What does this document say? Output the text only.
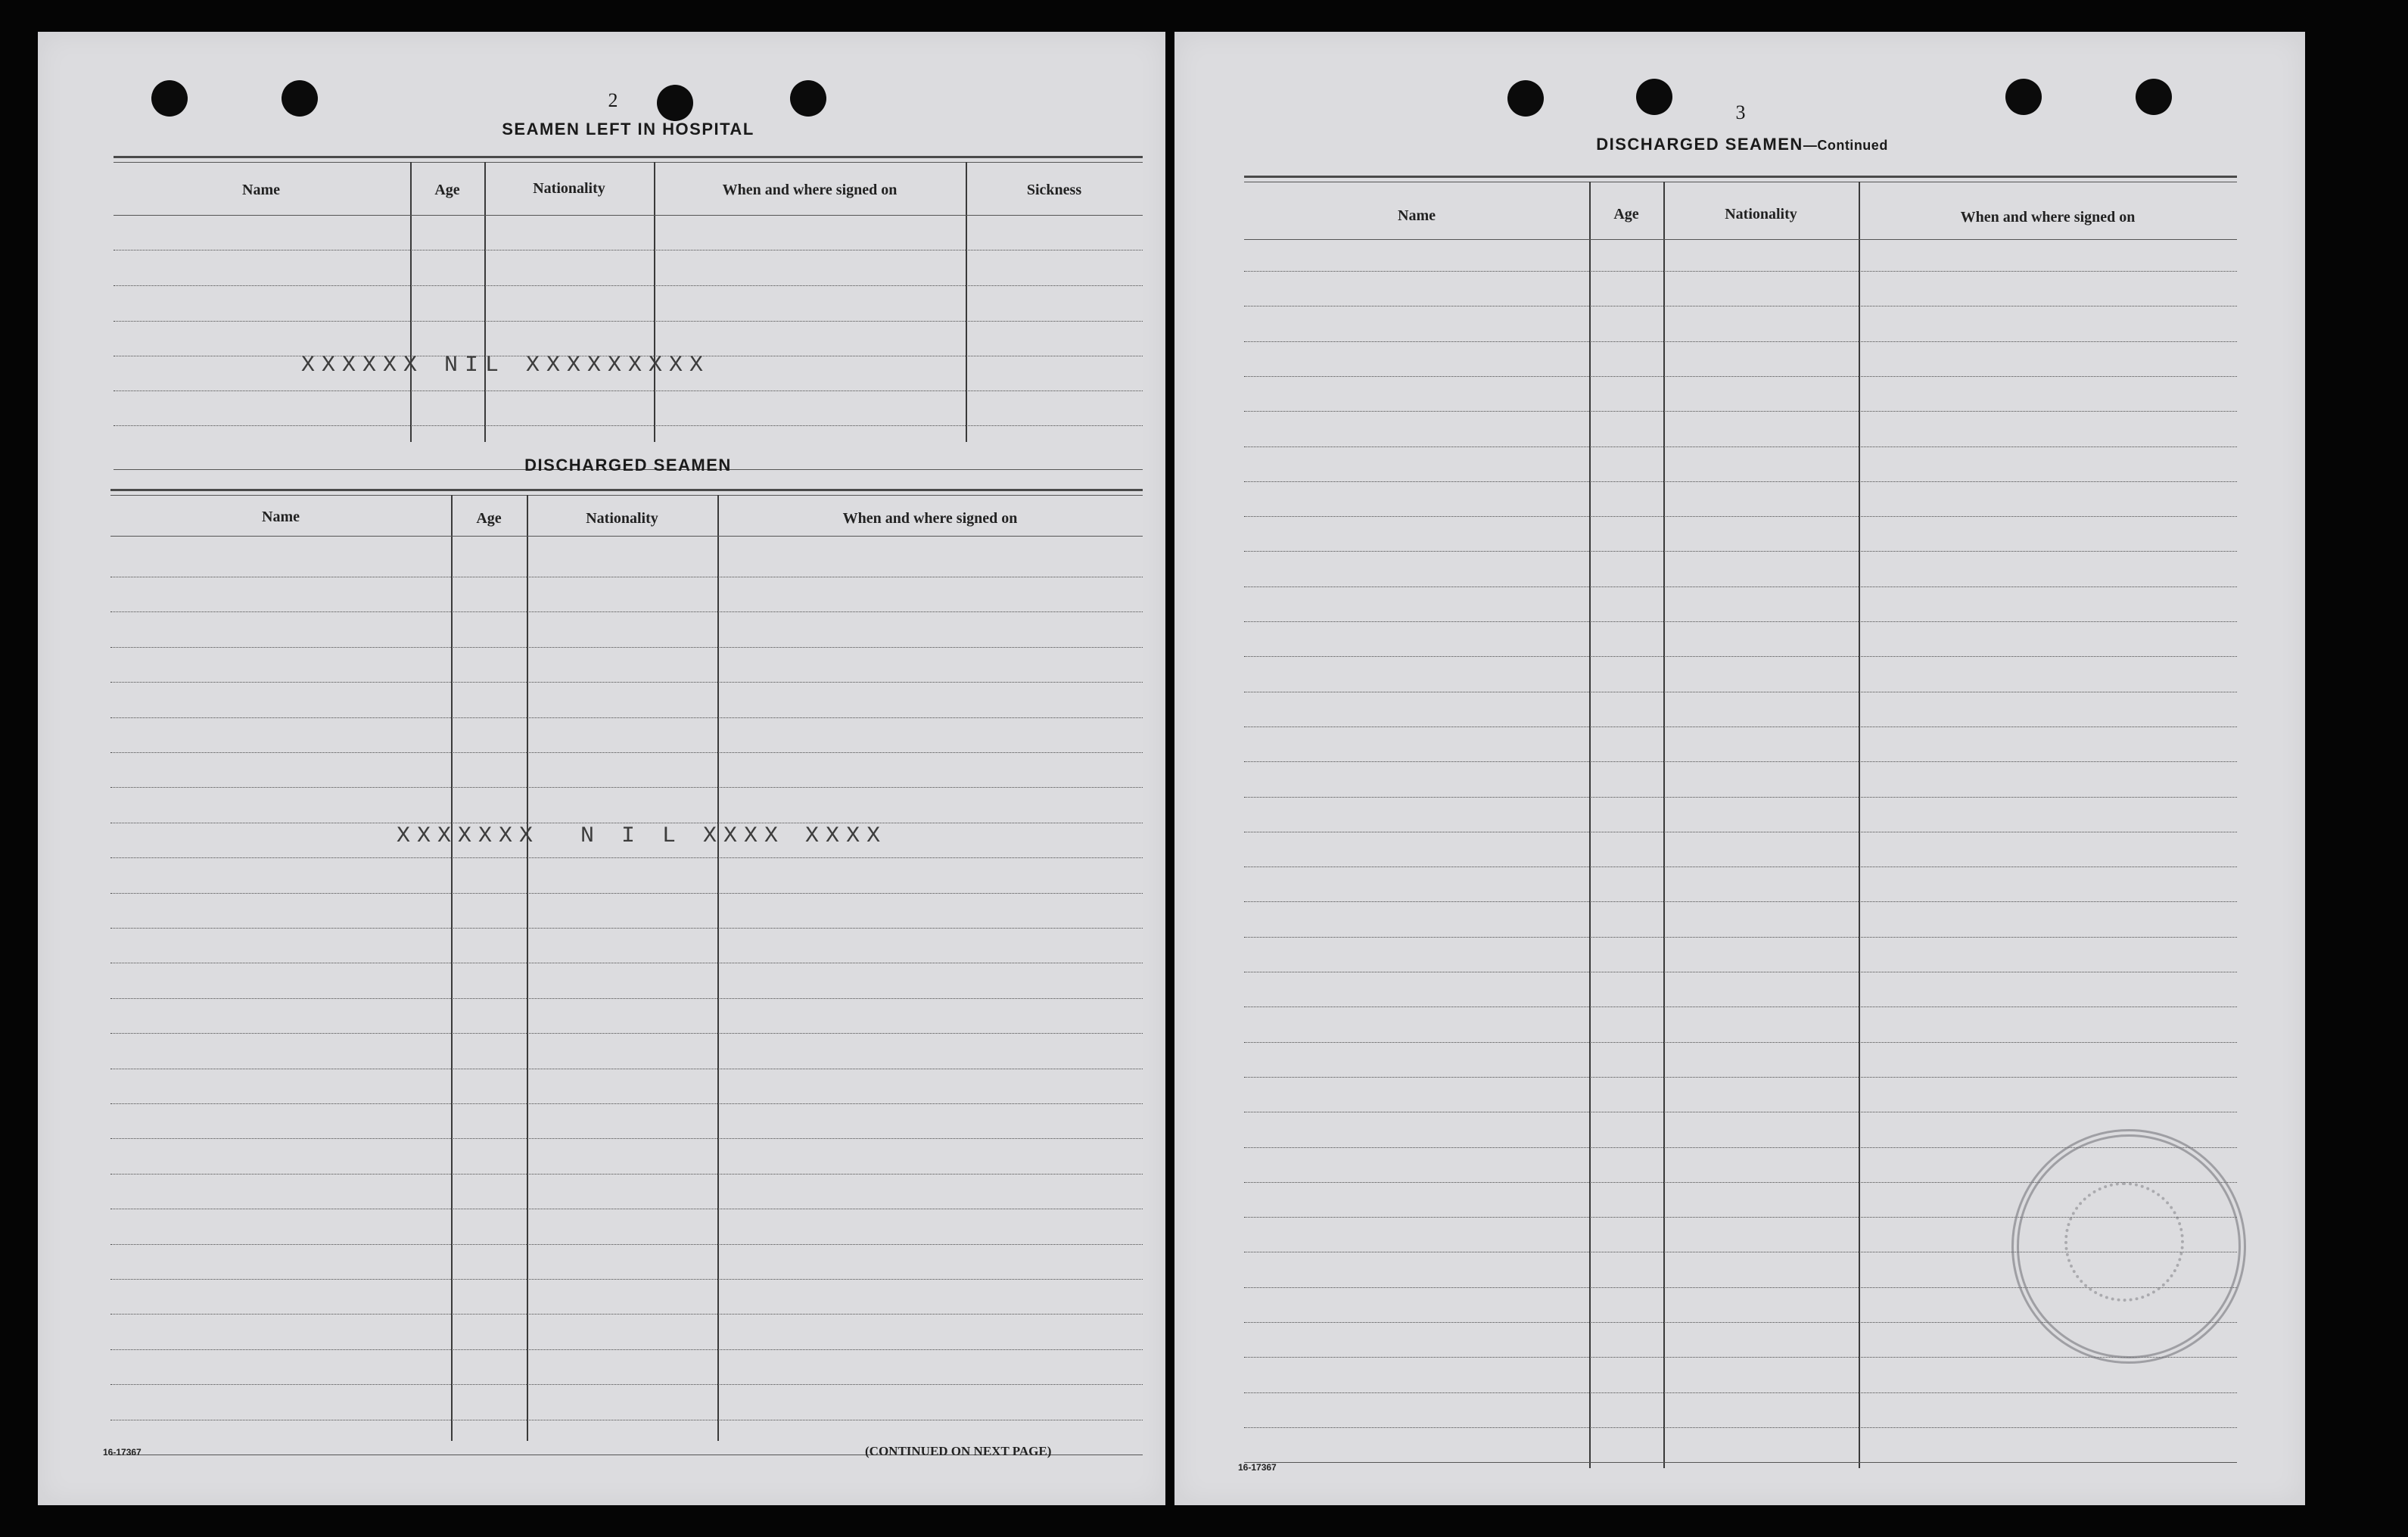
2
SEAMEN LEFT IN HOSPITAL
Name	Age	Nationality	When and where signed on	Sickness
XXXXXX NIL XXXXXXXXX
DISCHARGED SEAMEN
Name	Age	Nationality	When and where signed on
XXXXXXX  N I L XXXX XXXX
16-17367	(CONTINUED ON NEXT PAGE)
3
DISCHARGED SEAMEN—Continued
Name	Age	Nationality	When and where signed on
16-17367
